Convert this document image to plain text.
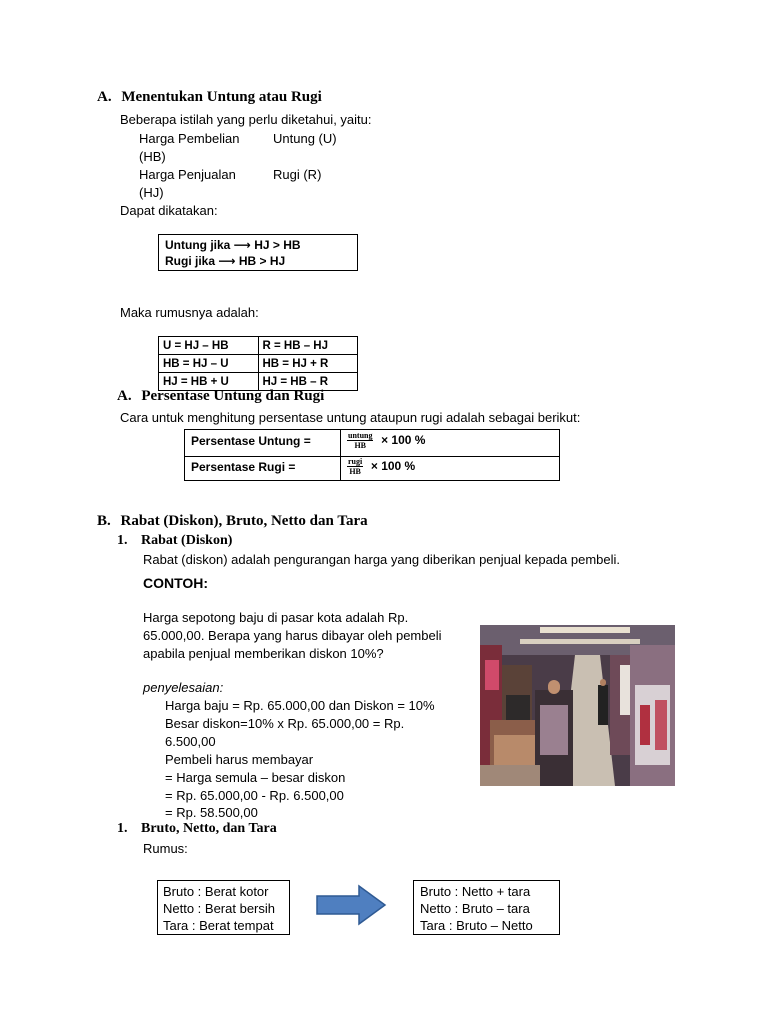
A. Menentukan Untung atau Rugi
Beberapa istilah yang perlu diketahui, yaitu:
Harga Pembelian
(HB)
Untung (U)
Harga Penjualan
(HJ)
Rugi (R)
Dapat dikatakan:
Untung jika ⟶ HJ > HB
Rugi jika ⟶ HB > HJ
Maka rumusnya adalah:
U = HJ – HB	R = HB – HJ
HB = HJ – U	HB = HJ + R
HJ = HB + U	HJ = HB – R
A. Persentase Untung dan Rugi
Cara untuk menghitung persentase untung ataupun rugi adalah sebagai berikut:
Persentase Untung =	$\frac{\text{untung}}{HB} \times 100$ %
Persentase Rugi =	$\frac{\text{rugi}}{HB} \times 100$ %
B. Rabat (Diskon), Bruto, Netto dan Tara
1. Rabat (Diskon)
Rabat (diskon) adalah pengurangan harga yang diberikan penjual kepada pembeli.
CONTOH:
Harga sepotong baju di pasar kota adalah Rp.
65.000,00. Berapa yang harus dibayar oleh pembeli
apabila penjual memberikan diskon 10%?
penyelesaian:
Harga baju = Rp. 65.000,00 dan Diskon = 10%
Besar diskon=10% x Rp. 65.000,00 = Rp.
6.500,00
Pembeli harus membayar
= Harga semula – besar diskon
= Rp. 65.000,00 - Rp. 6.500,00
= Rp. 58.500,00
1. Bruto, Netto, dan Tara
Rumus:
Bruto : Berat kotor
Netto : Berat bersih
Tara : Berat tempat
Bruto : Netto + tara
Netto : Bruto – tara
Tara : Bruto – Netto
